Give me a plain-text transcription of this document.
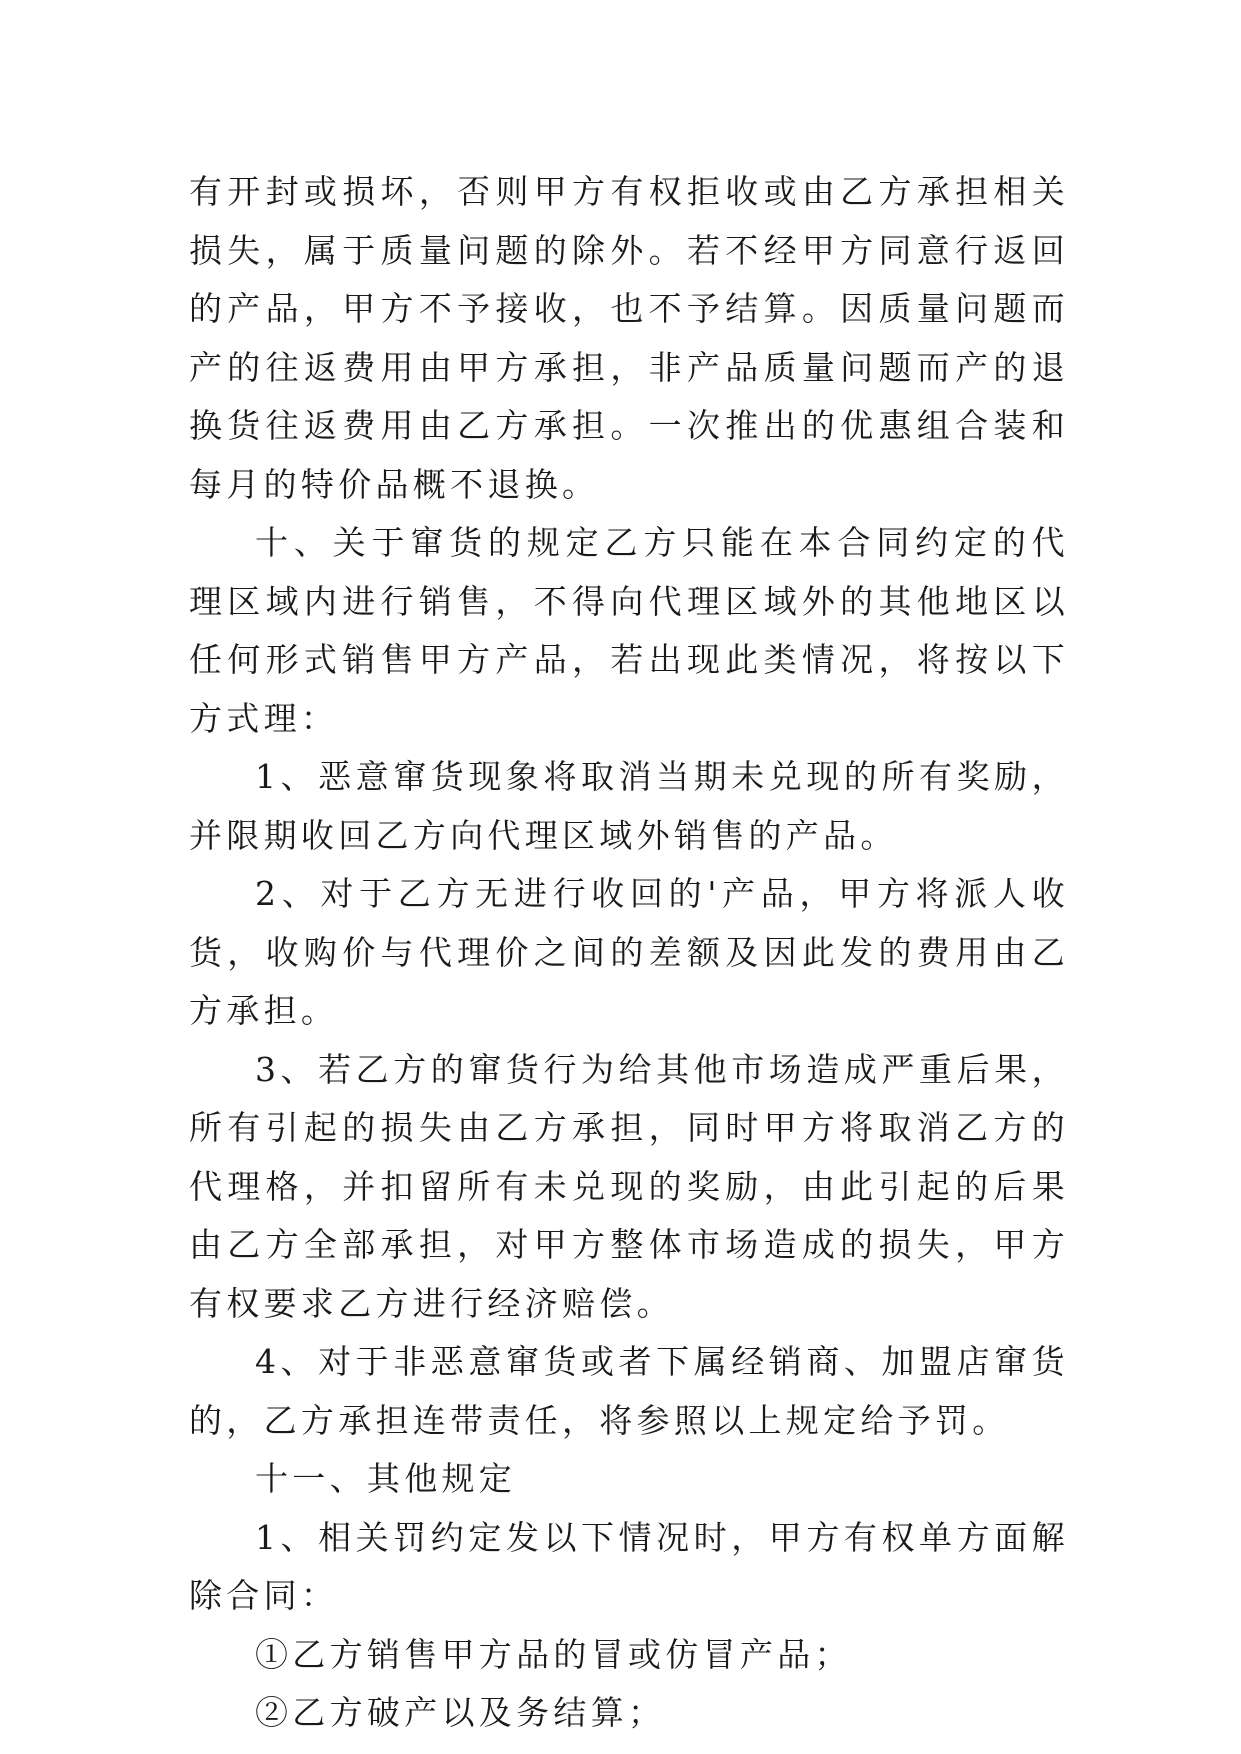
有开封或损坏，否则甲方有权拒收或由乙方承担相关损失，属于质量问题的除外。若不经甲方同意行返回的产品，甲方不予接收，也不予结算。因质量问题而产的往返费用由甲方承担，非产品质量问题而产的退换货往返费用由乙方承担。一次推出的优惠组合装和每月的特价品概不退换。

十、关于窜货的规定乙方只能在本合同约定的代理区域内进行销售，不得向代理区域外的其他地区以任何形式销售甲方产品，若出现此类情况，将按以下方式理：

1、恶意窜货现象将取消当期未兑现的所有奖励，并限期收回乙方向代理区域外销售的产品。

2、对于乙方无进行收回的'产品，甲方将派人收货，收购价与代理价之间的差额及因此发的费用由乙方承担。

3、若乙方的窜货行为给其他市场造成严重后果，所有引起的损失由乙方承担，同时甲方将取消乙方的代理格，并扣留所有未兑现的奖励，由此引起的后果由乙方全部承担，对甲方整体市场造成的损失，甲方有权要求乙方进行经济赔偿。

4、对于非恶意窜货或者下属经销商、加盟店窜货的，乙方承担连带责任，将参照以上规定给予罚。

十一、其他规定

1、相关罚约定发以下情况时，甲方有权单方面解除合同：

①乙方销售甲方品的冒或仿冒产品；

②乙方破产以及务结算；
